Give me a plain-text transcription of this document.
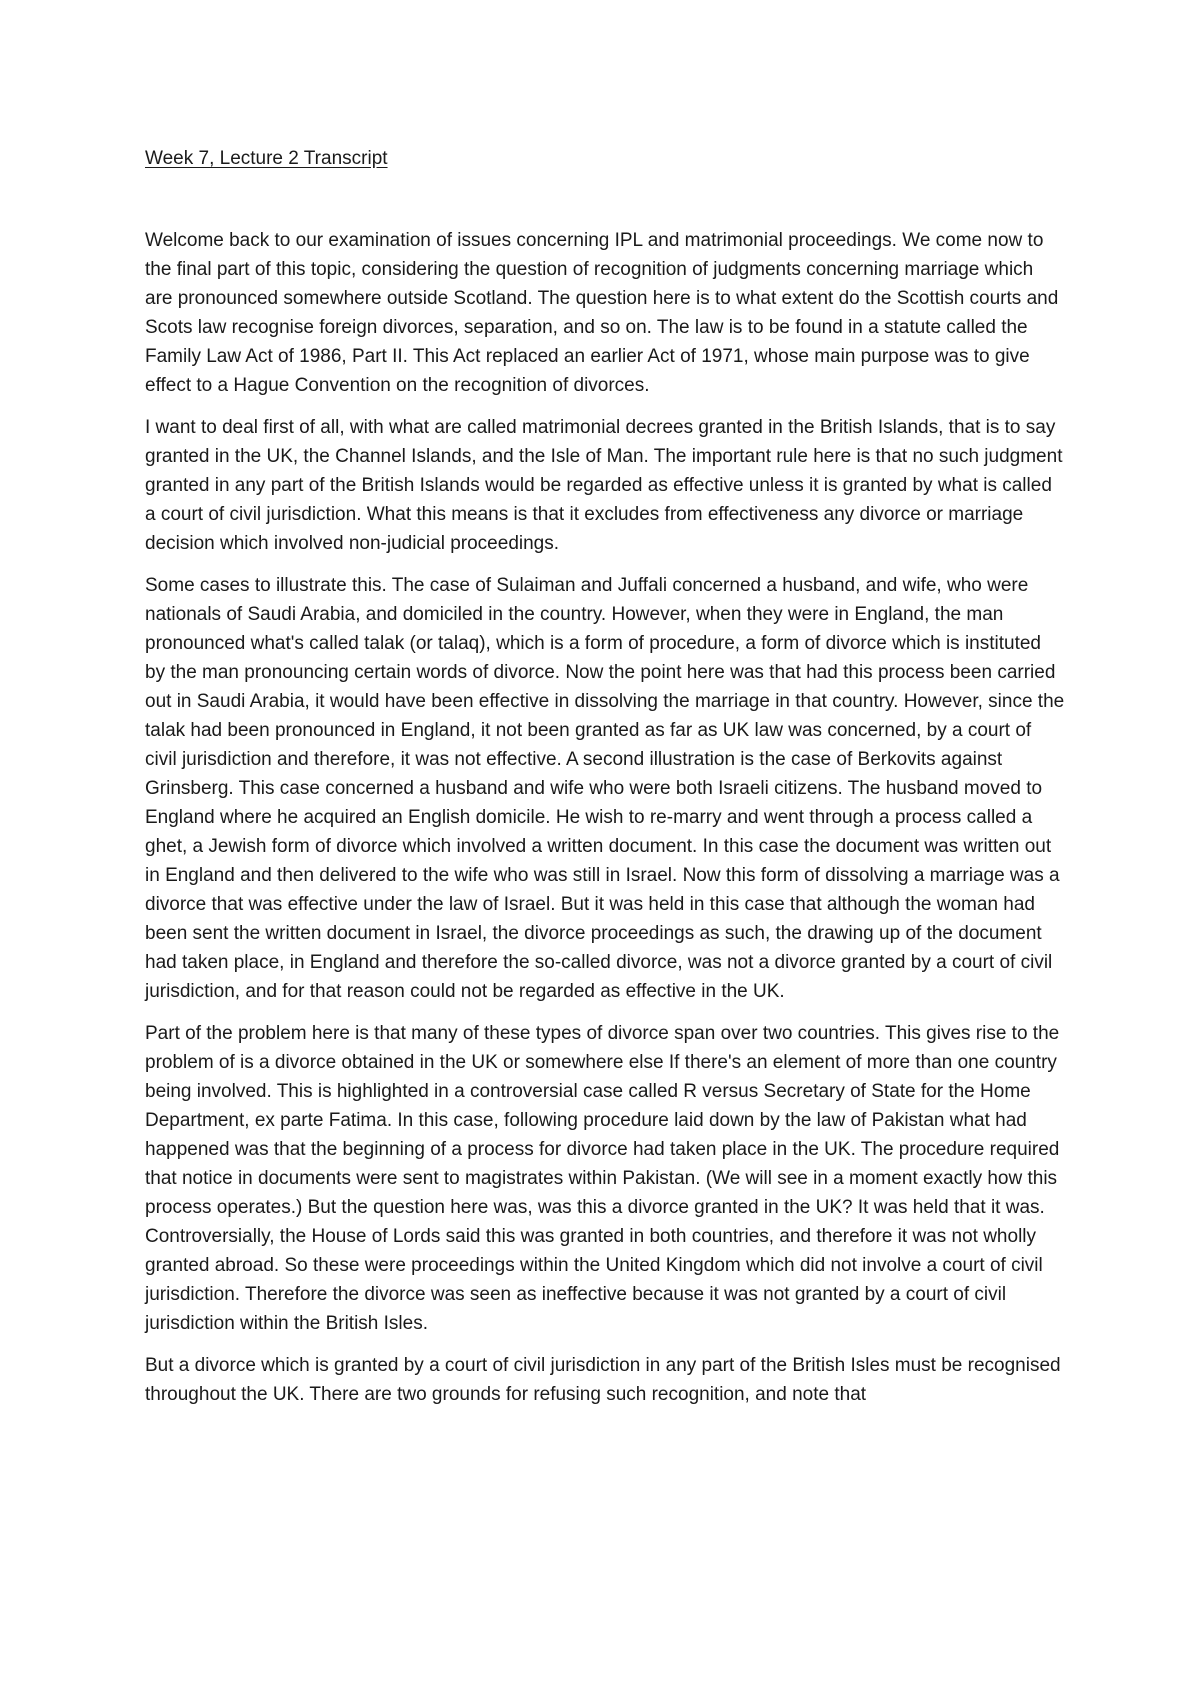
Week 7, Lecture 2 Transcript

Welcome back to our examination of issues concerning IPL and matrimonial proceedings. We come now to the final part of this topic, considering the question of recognition of judgments concerning marriage which are pronounced somewhere outside Scotland. The question here is to what extent do the Scottish courts and Scots law recognise foreign divorces, separation, and so on. The law is to be found in a statute called the Family Law Act of 1986, Part II. This Act replaced an earlier Act of 1971, whose main purpose was to give effect to a Hague Convention on the recognition of divorces.

I want to deal first of all, with what are called matrimonial decrees granted in the British Islands, that is to say granted in the UK, the Channel Islands, and the Isle of Man. The important rule here is that no such judgment granted in any part of the British Islands would be regarded as effective unless it is granted by what is called a court of civil jurisdiction. What this means is that it excludes from effectiveness any divorce or marriage decision which involved non-judicial proceedings.

Some cases to illustrate this. The case of Sulaiman and Juffali concerned a husband, and wife, who were nationals of Saudi Arabia, and domiciled in the country. However, when they were in England, the man pronounced what's called talak (or talaq), which is a form of procedure, a form of divorce which is instituted by the man pronouncing certain words of divorce. Now the point here was that had this process been carried out in Saudi Arabia, it would have been effective in dissolving the marriage in that country. However, since the talak had been pronounced in England, it not been granted as far as UK law was concerned, by a court of civil jurisdiction and therefore, it was not effective. A second illustration is the case of Berkovits against Grinsberg. This case concerned a husband and wife who were both Israeli citizens. The husband moved to England where he acquired an English domicile. He wish to re-marry and went through a process called a ghet, a Jewish form of divorce which involved a written document. In this case the document was written out in England and then delivered to the wife who was still in Israel. Now this form of dissolving a marriage was a divorce that was effective under the law of Israel. But it was held in this case that although the woman had been sent the written document in Israel, the divorce proceedings as such, the drawing up of the document had taken place, in England and therefore the so-called divorce, was not a divorce granted by a court of civil jurisdiction, and for that reason could not be regarded as effective in the UK.

Part of the problem here is that many of these types of divorce span over two countries. This gives rise to the problem of is a divorce obtained in the UK or somewhere else If there's an element of more than one country being involved. This is highlighted in a controversial case called R versus Secretary of State for the Home Department, ex parte Fatima. In this case, following procedure laid down by the law of Pakistan what had happened was that the beginning of a process for divorce had taken place in the UK. The procedure required that notice in documents were sent to magistrates within Pakistan. (We will see in a moment exactly how this process operates.) But the question here was, was this a divorce granted in the UK? It was held that it was. Controversially, the House of Lords said this was granted in both countries, and therefore it was not wholly granted abroad. So these were proceedings within the United Kingdom which did not involve a court of civil jurisdiction. Therefore the divorce was seen as ineffective because it was not granted by a court of civil jurisdiction within the British Isles.

But a divorce which is granted by a court of civil jurisdiction in any part of the British Isles must be recognised throughout the UK. There are two grounds for refusing such recognition, and note that
